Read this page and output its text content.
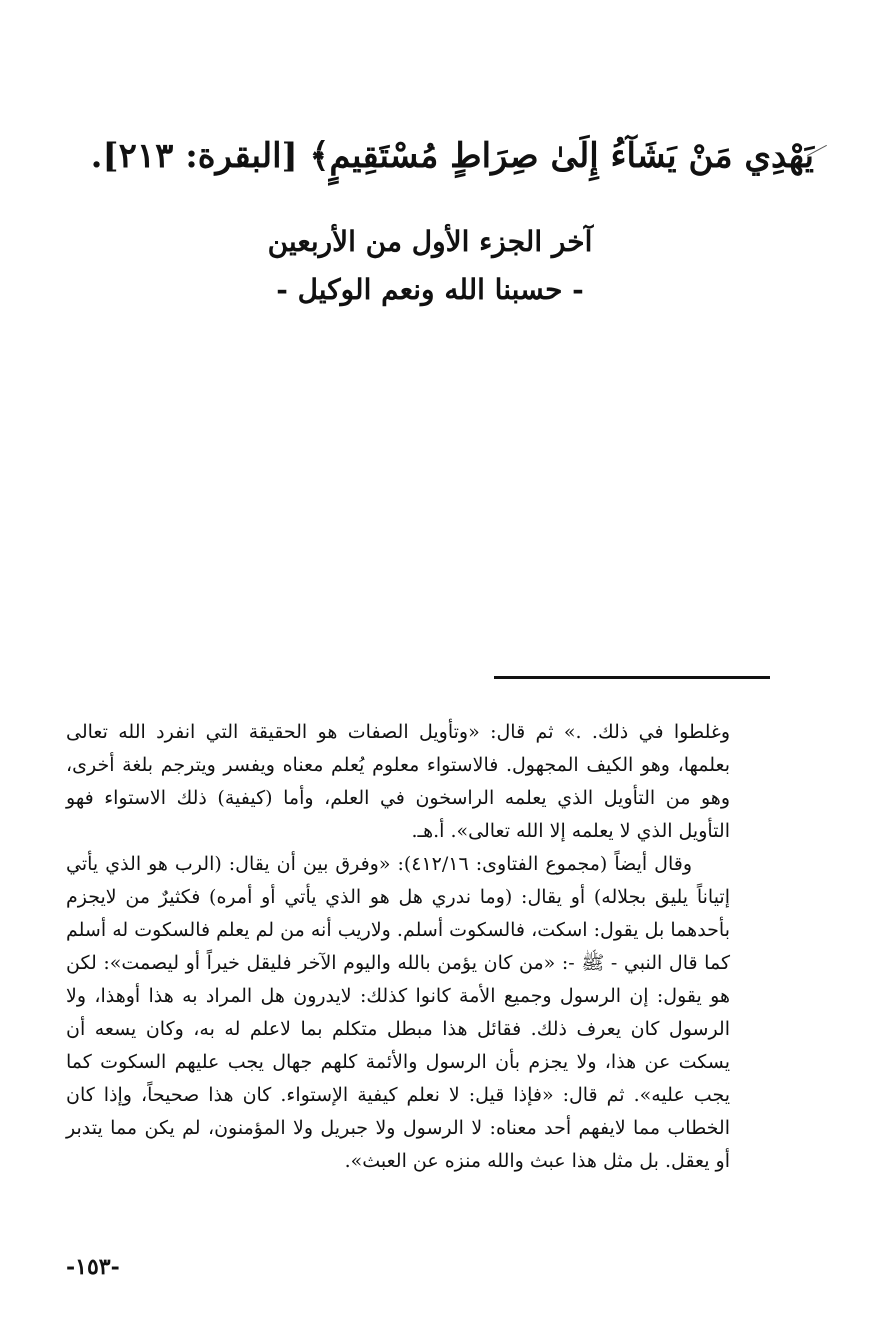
يَهْدِي مَنْ يَشَآءُ إِلَىٰ صِرَاطٍ مُسْتَقِيمٍ﴾ [البقرة: ٢١٣].
آخر الجزء الأول من الأربعين
- حسبنا الله ونعم الوكيل -

وغلطوا في ذلك. .» ثم قال: «وتأويل الصفات هو الحقيقة التي انفرد الله تعالى بعلمها، وهو الكيف المجهول. فالاستواء معلوم يُعلم معناه ويفسر ويترجم بلغة أخرى، وهو من التأويل الذي يعلمه الراسخون في العلم، وأما (كيفية) ذلك الاستواء فهو التأويل الذي لا يعلمه إلا الله تعالى». أ.هـ.

وقال أيضاً (مجموع الفتاوى: ٤١٢/١٦): «وفرق بين أن يقال: (الرب هو الذي يأتي إتياناً يليق بجلاله) أو يقال: (وما ندري هل هو الذي يأتي أو أمره) فكثيرٌ من لايجزم بأحدهما بل يقول: اسكت، فالسكوت أسلم. ولاريب أنه من لم يعلم فالسكوت له أسلم كما قال النبي - ﷺ -: «من كان يؤمن بالله واليوم الآخر فليقل خيراً أو ليصمت»: لكن هو يقول: إن الرسول وجميع الأمة كانوا كذلك: لايدرون هل المراد به هذا أوهذا، ولا الرسول كان يعرف ذلك. فقائل هذا مبطل متكلم بما لاعلم له به، وكان يسعه أن يسكت عن هذا، ولا يجزم بأن الرسول والأئمة كلهم جهال يجب عليهم السكوت كما يجب عليه». ثم قال: «فإذا قيل: لا نعلم كيفية الإستواء. كان هذا صحيحاً، وإذا كان الخطاب مما لايفهم أحد معناه: لا الرسول ولا جبريل ولا المؤمنون، لم يكن مما يتدبر أو يعقل. بل مثل هذا عبث والله منزه عن العبث».

-١٥٣-
